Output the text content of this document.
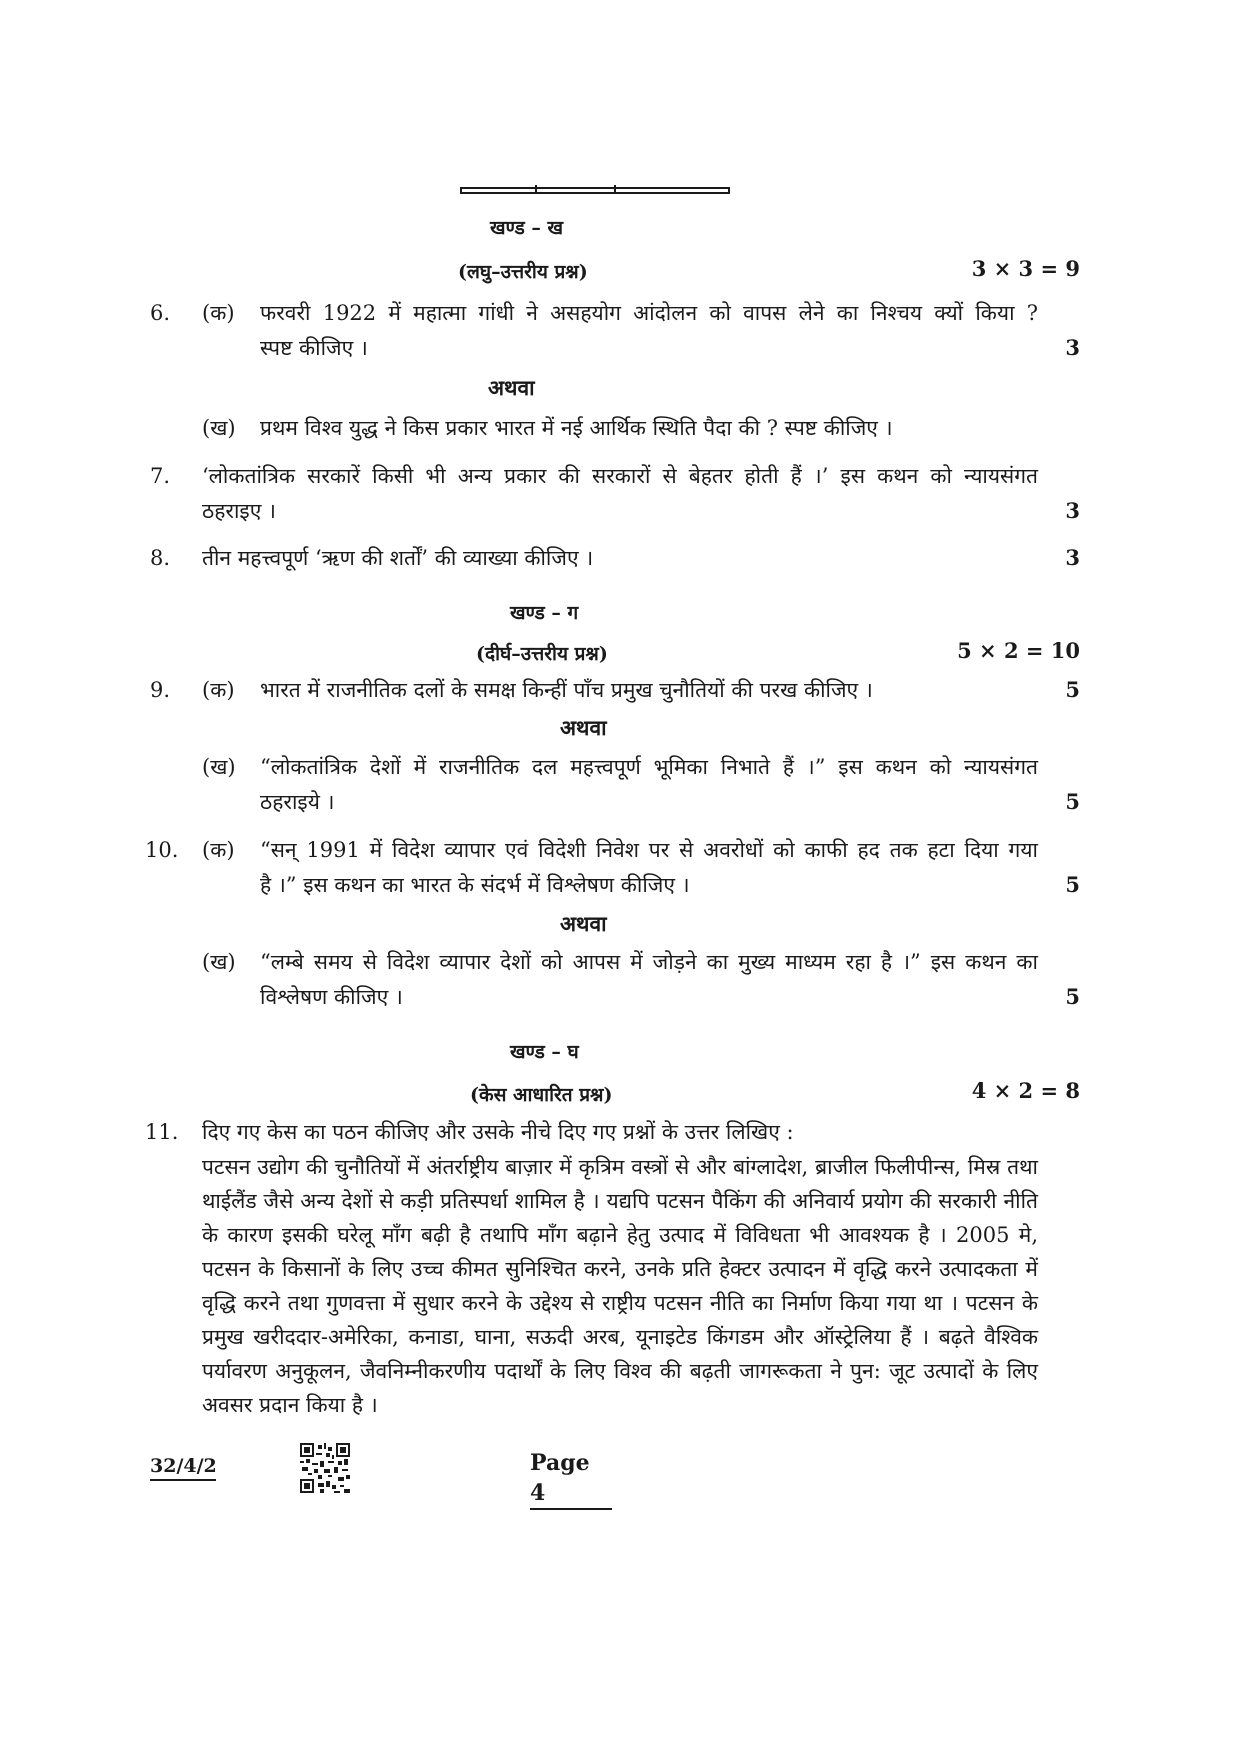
खण्ड – ख
(लघु–उत्तरीय प्रश्न)	3 × 3 = 9
6. (क) फरवरी 1922 में महात्मा गांधी ने असहयोग आंदोलन को वापस लेने का निश्चय क्यों किया ?
स्पष्ट कीजिए ।	3
अथवा
(ख) प्रथम विश्व युद्ध ने किस प्रकार भारत में नई आर्थिक स्थिति पैदा की ? स्पष्ट कीजिए ।
7. ‘लोकतांत्रिक सरकारें किसी भी अन्य प्रकार की सरकारों से बेहतर होती हैं ।’ इस कथन को न्यायसंगत
ठहराइए ।	3
8. तीन महत्त्वपूर्ण ‘ऋण की शर्तों’ की व्याख्या कीजिए ।	3
खण्ड – ग
(दीर्घ–उत्तरीय प्रश्न)	5 × 2 = 10
9. (क) भारत में राजनीतिक दलों के समक्ष किन्हीं पाँच प्रमुख चुनौतियों की परख कीजिए ।	5
अथवा
(ख) “लोकतांत्रिक देशों में राजनीतिक दल महत्त्वपूर्ण भूमिका निभाते हैं ।” इस कथन को न्यायसंगत
ठहराइये ।	5
10. (क) “सन् 1991 में विदेश व्यापार एवं विदेशी निवेश पर से अवरोधों को काफी हद तक हटा दिया गया
है ।” इस कथन का भारत के संदर्भ में विश्लेषण कीजिए ।	5
अथवा
(ख) “लम्बे समय से विदेश व्यापार देशों को आपस में जोड़ने का मुख्य माध्यम रहा है ।” इस कथन का
विश्लेषण कीजिए ।	5
खण्ड – घ
(केस आधारित प्रश्न)	4 × 2 = 8
11. दिए गए केस का पठन कीजिए और उसके नीचे दिए गए प्रश्नों के उत्तर लिखिए :
पटसन उद्योग की चुनौतियों में अंतर्राष्ट्रीय बाज़ार में कृत्रिम वस्त्रों से और बांग्लादेश, ब्राजील फिलीपीन्स, मिस्र तथा थाईलैंड जैसे अन्य देशों से कड़ी प्रतिस्पर्धा शामिल है । यद्यपि पटसन पैकिंग की अनिवार्य प्रयोग की सरकारी नीति के कारण इसकी घरेलू माँग बढ़ी है तथापि माँग बढ़ाने हेतु उत्पाद में विविधता भी आवश्यक है । 2005 मे, पटसन के किसानों के लिए उच्च कीमत सुनिश्चित करने, उनके प्रति हेक्टर उत्पादन में वृद्धि करने उत्पादकता में वृद्धि करने तथा गुणवत्ता में सुधार करने के उद्देश्य से राष्ट्रीय पटसन नीति का निर्माण किया गया था । पटसन के प्रमुख खरीददार-अमेरिका, कनाडा, घाना, सऊदी अरब, यूनाइटेड किंगडम और ऑस्ट्रेलिया हैं । बढ़ते वैश्विक पर्यावरण अनुकूलन, जैवनिम्नीकरणीय पदार्थों के लिए विश्व की बढ़ती जागरूकता ने पुन: जूट उत्पादों के लिए अवसर प्रदान किया है ।
32/4/2	Page 4
